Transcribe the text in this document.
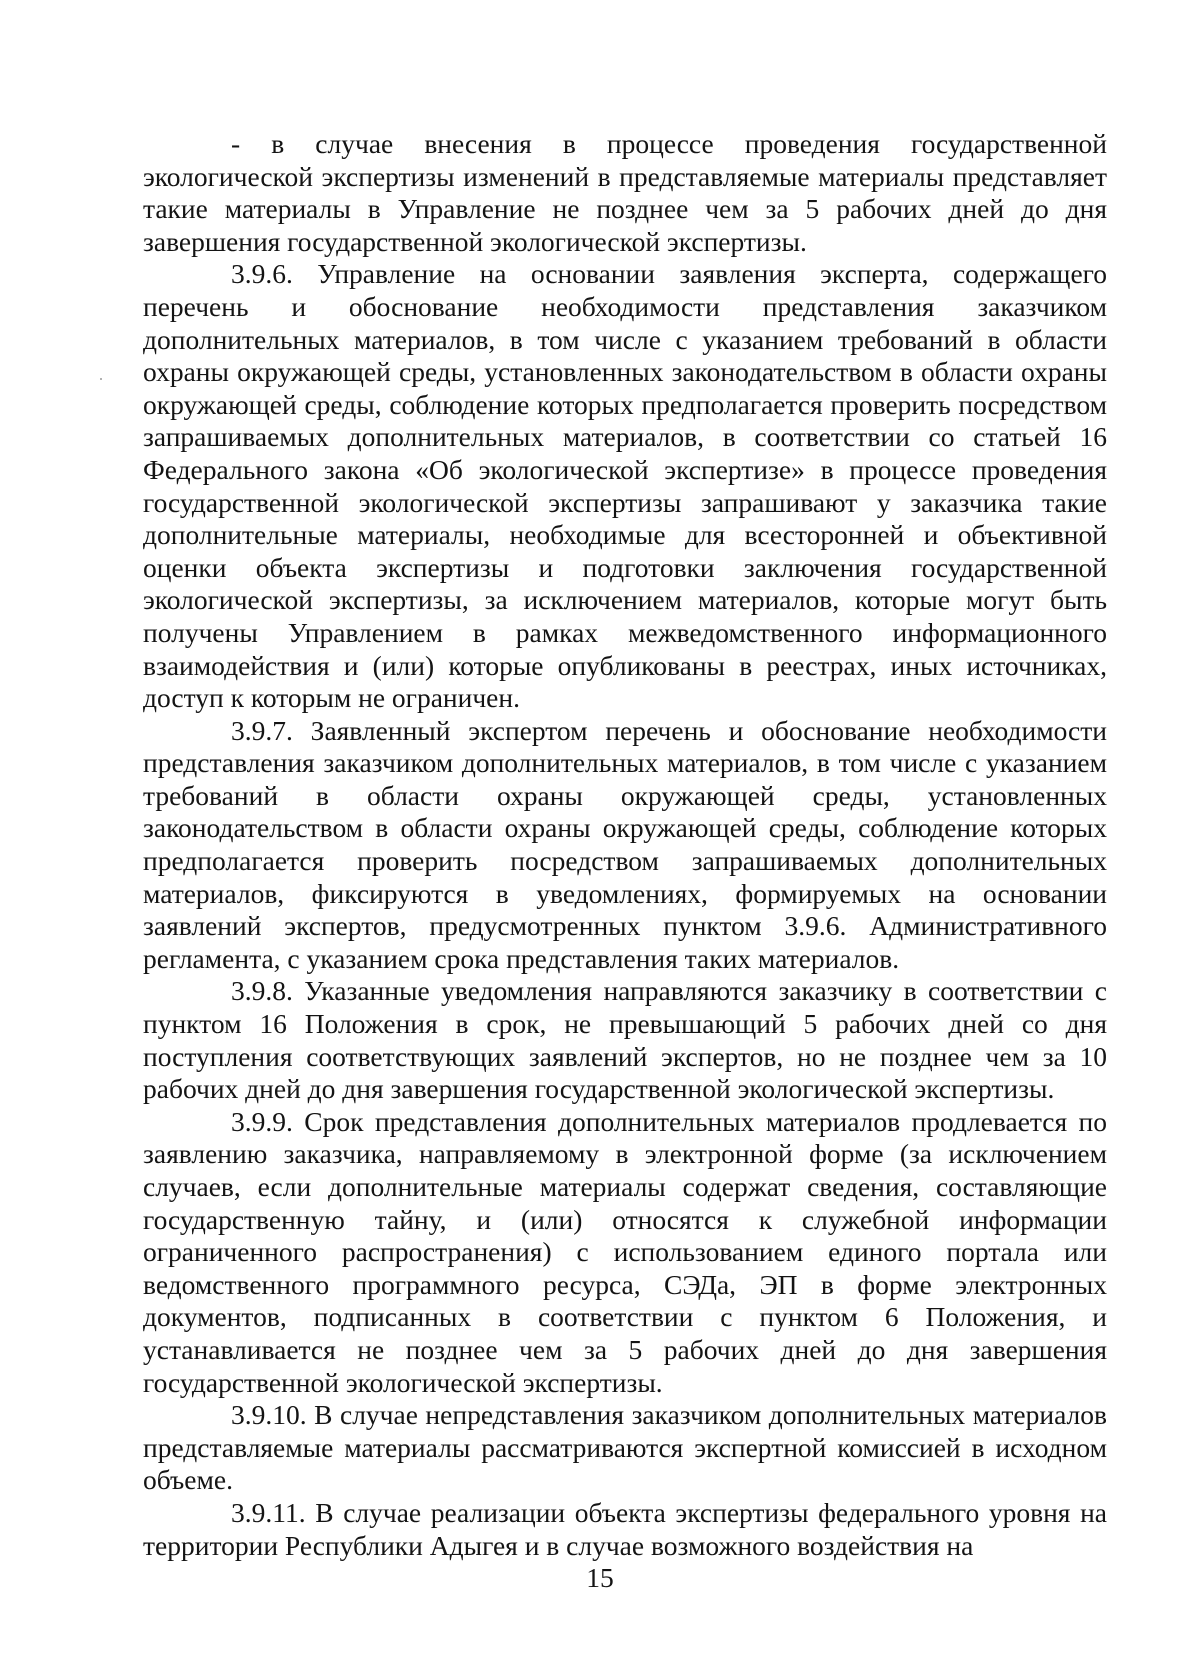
- в случае внесения в процессе проведения государственной экологической экспертизы изменений в представляемые материалы представляет такие материалы в Управление не позднее чем за 5 рабочих дней до дня завершения государственной экологической экспертизы.

3.9.6. Управление на основании заявления эксперта, содержащего перечень и обоснование необходимости представления заказчиком дополнительных материалов, в том числе с указанием требований в области охраны окружающей среды, установленных законодательством в области охраны окружающей среды, соблюдение которых предполагается проверить посредством запрашиваемых дополнительных материалов, в соответствии со статьей 16 Федерального закона «Об экологической экспертизе» в процессе проведения государственной экологической экспертизы запрашивают у заказчика такие дополнительные материалы, необходимые для всесторонней и объективной оценки объекта экспертизы и подготовки заключения государственной экологической экспертизы, за исключением материалов, которые могут быть получены Управлением в рамках межведомственного информационного взаимодействия и (или) которые опубликованы в реестрах, иных источниках, доступ к которым не ограничен.

3.9.7. Заявленный экспертом перечень и обоснование необходимости представления заказчиком дополнительных материалов, в том числе с указанием требований в области охраны окружающей среды, установленных законодательством в области охраны окружающей среды, соблюдение которых предполагается проверить посредством запрашиваемых дополнительных материалов, фиксируются в уведомлениях, формируемых на основании заявлений экспертов, предусмотренных пунктом 3.9.6. Административного регламента, с указанием срока представления таких материалов.

3.9.8. Указанные уведомления направляются заказчику в соответствии с пунктом 16 Положения в срок, не превышающий 5 рабочих дней со дня поступления соответствующих заявлений экспертов, но не позднее чем за 10 рабочих дней до дня завершения государственной экологической экспертизы.

3.9.9. Срок представления дополнительных материалов продлевается по заявлению заказчика, направляемому в электронной форме (за исключением случаев, если дополнительные материалы содержат сведения, составляющие государственную тайну, и (или) относятся к служебной информации ограниченного распространения) с использованием единого портала или ведомственного программного ресурса, СЭДа, ЭП в форме электронных документов, подписанных в соответствии с пунктом 6 Положения, и устанавливается не позднее чем за 5 рабочих дней до дня завершения государственной экологической экспертизы.

3.9.10. В случае непредставления заказчиком дополнительных материалов представляемые материалы рассматриваются экспертной комиссией в исходном объеме.

3.9.11. В случае реализации объекта экспертизы федерального уровня на территории Республики Адыгея и в случае возможного воздействия на

15
